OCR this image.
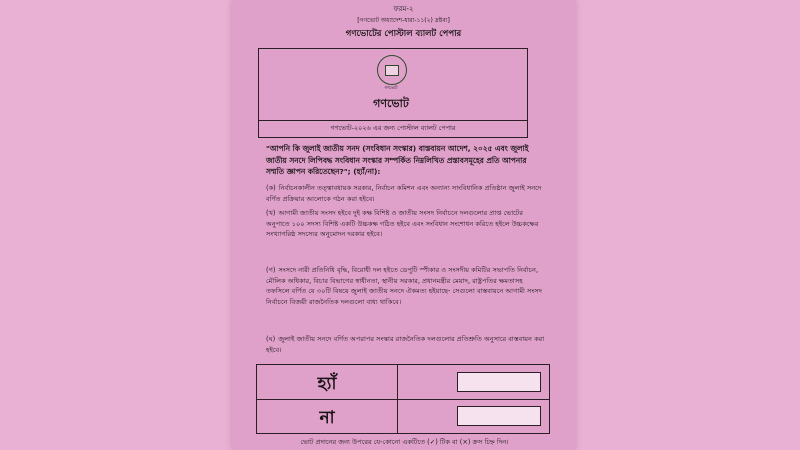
ফরম-২
[গণভোট অধ্যাদেশ-ধারা-১১(২) দ্রষ্টব্য]
গণভোটের পোস্টাল ব্যালট পেপার
গণভোট
গণভোট
গণভোট-২০২৬ এর জন্য পোস্টাল ব্যালট পেপার
"আপনি কি জুলাই জাতীয় সনদ (সংবিধান সংস্কার) বাস্তবায়ন আদেশ, ২০২৫ এবং জুলাই জাতীয় সনদে লিপিবদ্ধ সংবিধান সংস্কার সম্পর্কিত নিম্নলিখিত প্রস্তাবসমূহের প্রতি আপনার সম্মতি জ্ঞাপন করিতেছেন?"; (হ্যাঁ/না):
(ক) নির্বাচনকালীন তত্ত্বাবধায়ক সরকার, নির্বাচন কমিশন এবং অন্যান্য সাংবিধানিক প্রতিষ্ঠান জুলাই সনদে বর্ণিত প্রক্রিয়ার আলোকে গঠন করা হইবে।
(খ) আগামী জাতীয় সংসদ হইবে দুই কক্ষ বিশিষ্ট ও জাতীয় সংসদ নির্বাচনে দলগুলোর প্রাপ্ত ভোটের অনুপাতে ১০০ সদস্য বিশিষ্ট একটি উচ্চকক্ষ গঠিত হইবে এবং সংবিধান সংশোধন করিতে হইলে উচ্চকক্ষের সংখ্যাগরিষ্ঠ সদস্যের অনুমোদন দরকার হইবে।
(গ) সংসদে নারী প্রতিনিধি বৃদ্ধি, বিরোধী দল হইতে ডেপুটি স্পীকার ও সংসদীয় কমিটির সভাপতি নির্বাচন, মৌলিক অধিকার, বিচার বিভাগের স্বাধীনতা, স্থানীয় সরকার, প্রধানমন্ত্রীর মেয়াদ, রাষ্ট্রপতির ক্ষমতাসহ তফসিলে বর্ণিত যে ৩০টি বিষয়ে জুলাই জাতীয় সনদে ঐকমত্য হইয়াছে- সেগুলো বাস্তবায়নে আগামী সংসদ নির্বাচনে বিজয়ী রাজনৈতিক দলগুলো বাধ্য থাকিবে।
(ঘ) জুলাই জাতীয় সনদে বর্ণিত অপরাপর সংস্কার রাজনৈতিক দলগুলোর প্রতিশ্রুতি অনুসারে বাস্তবায়ন করা হইবে।
হ্যাঁ
না
ভোট প্রদানের জন্য উপরের যে-কোনো একটিতে (✓) টিক বা (×) ক্রস চিহ্ন দিন।
